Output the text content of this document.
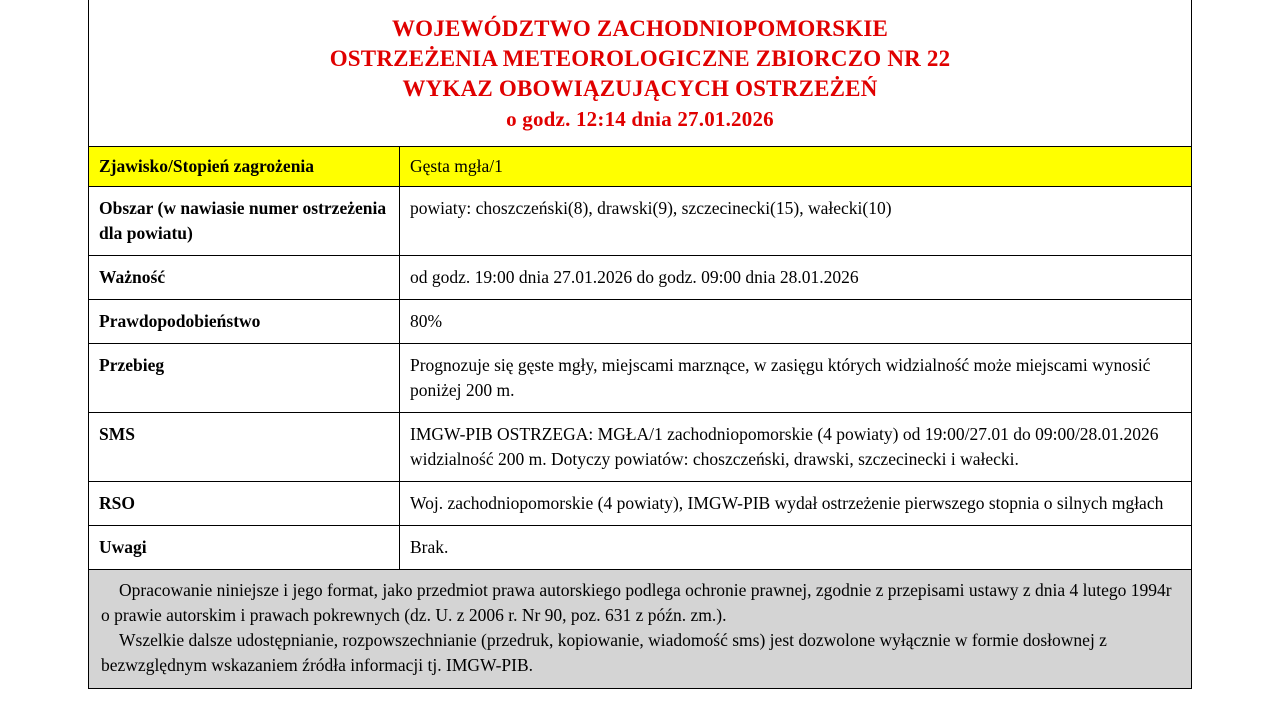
WOJEWÓDZTWO ZACHODNIOPOMORSKIE
OSTRZEŻENIA METEOROLOGICZNE ZBIORCZO NR 22
WYKAZ OBOWIĄZUJĄCYCH OSTRZEŻEŃ
o godz. 12:14 dnia 27.01.2026
Zjawisko/Stopień zagrożenia	Gęsta mgła/1
Obszar (w nawiasie numer ostrzeżenia dla powiatu)	powiaty: choszczeński(8), drawski(9), szczecinecki(15), wałecki(10)
Ważność	od godz. 19:00 dnia 27.01.2026 do godz. 09:00 dnia 28.01.2026
Prawdopodobieństwo	80%
Przebieg	Prognozuje się gęste mgły, miejscami marznące, w zasięgu których widzialność może miejscami wynosić poniżej 200 m.
SMS	IMGW-PIB OSTRZEGA: MGŁA/1 zachodniopomorskie (4 powiaty) od 19:00/27.01 do 09:00/28.01.2026 widzialność 200 m. Dotyczy powiatów: choszczeński, drawski, szczecinecki i wałecki.
RSO	Woj. zachodniopomorskie (4 powiaty), IMGW-PIB wydał ostrzeżenie pierwszego stopnia o silnych mgłach
Uwagi	Brak.

Opracowanie niniejsze i jego format, jako przedmiot prawa autorskiego podlega ochronie prawnej, zgodnie z przepisami ustawy z dnia 4 lutego 1994r o prawie autorskim i prawach pokrewnych (dz. U. z 2006 r. Nr 90, poz. 631 z późn. zm.).

Wszelkie dalsze udostępnianie, rozpowszechnianie (przedruk, kopiowanie, wiadomość sms) jest dozwolone wyłącznie w formie dosłownej z bezwzględnym wskazaniem źródła informacji tj. IMGW-PIB.
